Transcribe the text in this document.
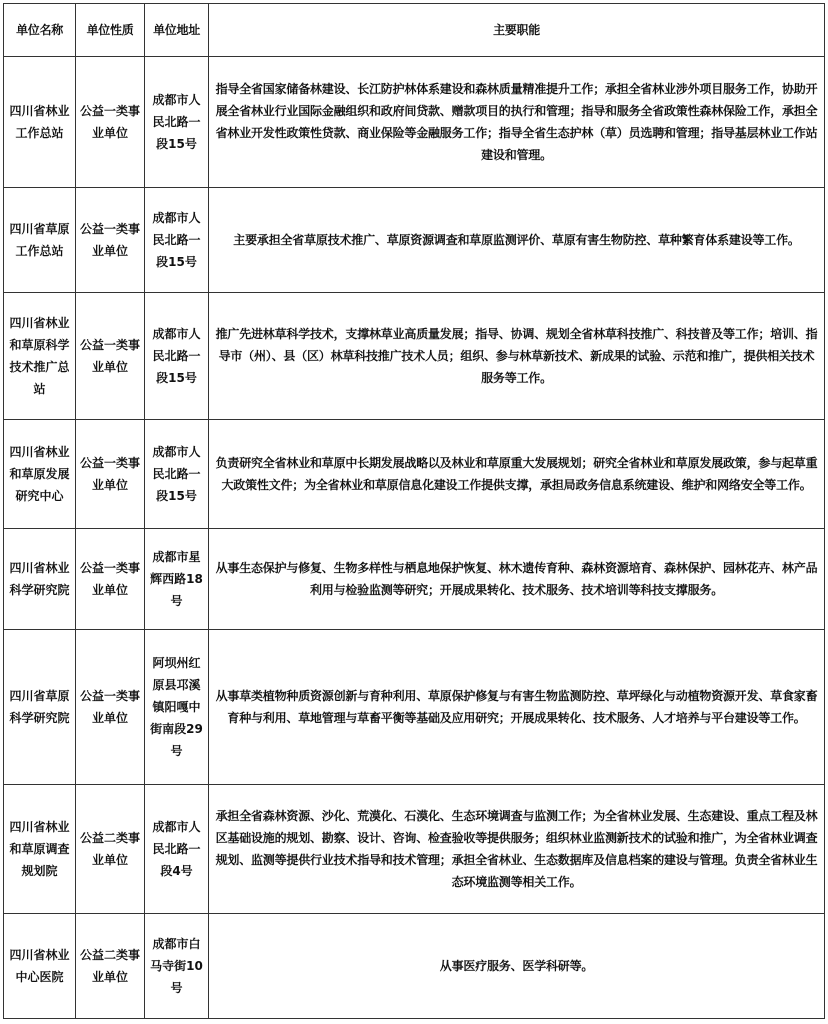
单位名称	单位性质	单位地址	主要职能
四川省林业工作总站	公益一类事业单位	成都市人民北路一段15号	指导全省国家储备林建设、长江防护林体系建设和森林质量精准提升工作；承担全省林业涉外项目服务工作，协助开展全省林业行业国际金融组织和政府间贷款、赠款项目的执行和管理；指导和服务全省政策性森林保险工作，承担全省林业开发性政策性贷款、商业保险等金融服务工作；指导全省生态护林（草）员选聘和管理；指导基层林业工作站建设和管理。
四川省草原工作总站	公益一类事业单位	成都市人民北路一段15号	主要承担全省草原技术推广、草原资源调查和草原监测评价、草原有害生物防控、草种繁育体系建设等工作。
四川省林业和草原科学技术推广总站	公益一类事业单位	成都市人民北路一段15号	推广先进林草科学技术，支撑林草业高质量发展；指导、协调、规划全省林草科技推广、科技普及等工作；培训、指导市（州）、县（区）林草科技推广技术人员；组织、参与林草新技术、新成果的试验、示范和推广，提供相关技术服务等工作。
四川省林业和草原发展研究中心	公益一类事业单位	成都市人民北路一段15号	负责研究全省林业和草原中长期发展战略以及林业和草原重大发展规划；研究全省林业和草原发展政策，参与起草重大政策性文件；为全省林业和草原信息化建设工作提供支撑，承担局政务信息系统建设、维护和网络安全等工作。
四川省林业科学研究院	公益一类事业单位	成都市星辉西路18号	从事生态保护与修复、生物多样性与栖息地保护恢复、林木遗传育种、森林资源培育、森林保护、园林花卉、林产品利用与检验监测等研究；开展成果转化、技术服务、技术培训等科技支撑服务。
四川省草原科学研究院	公益一类事业单位	阿坝州红原县邛溪镇阳嘎中街南段29号	从事草类植物种质资源创新与育种利用、草原保护修复与有害生物监测防控、草坪绿化与动植物资源开发、草食家畜育种与利用、草地管理与草畜平衡等基础及应用研究；开展成果转化、技术服务、人才培养与平台建设等工作。
四川省林业和草原调查规划院	公益二类事业单位	成都市人民北路一段4号	承担全省森林资源、沙化、荒漠化、石漠化、生态环境调查与监测工作；为全省林业发展、生态建设、重点工程及林区基础设施的规划、勘察、设计、咨询、检查验收等提供服务；组织林业监测新技术的试验和推广，为全省林业调查规划、监测等提供行业技术指导和技术管理；承担全省林业、生态数据库及信息档案的建设与管理。负责全省林业生态环境监测等相关工作。
四川省林业中心医院	公益二类事业单位	成都市白马寺街10号	从事医疗服务、医学科研等。
